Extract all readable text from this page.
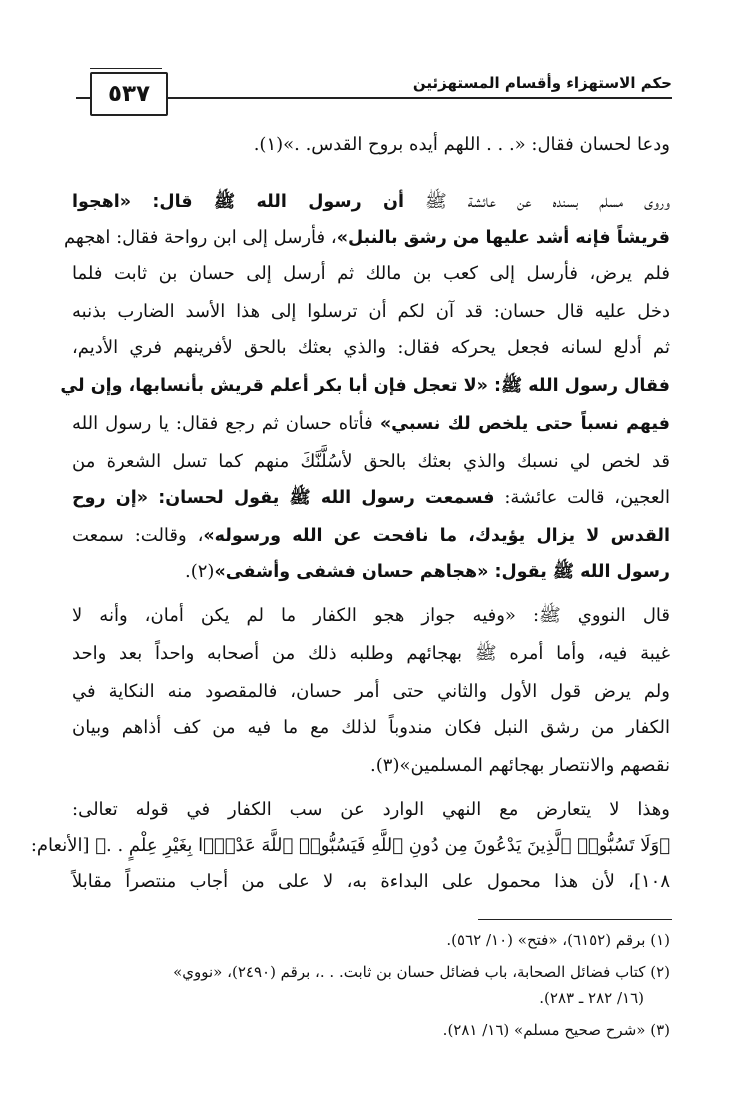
٥٣٧	حكم الاستهزاء وأقسام المستهزئين
ودعا لحسان فقال: «. . . اللهم أيده بروح القدس. .»(١).
وروى مسلم بسنده عن عائشة ﷺ أن رسول الله ﷺ قال: «اهجوا
قريشاً فإنه أشد عليها من رشق بالنبل»، فأرسل إلى ابن رواحة فقال: اهجهم
فلم يرض، فأرسل إلى كعب بن مالك ثم أرسل إلى حسان بن ثابت فلما
دخل عليه قال حسان: قد آن لكم أن ترسلوا إلى هذا الأسد الضارب بذنبه
ثم أدلع لسانه فجعل يحركه فقال: والذي بعثك بالحق لأفرينهم فري الأديم،
فقال رسول الله ﷺ: «لا تعجل فإن أبا بكر أعلم قريش بأنسابها، وإن لي
فيهم نسباً حتى يلخص لك نسبي» فأتاه حسان ثم رجع فقال: يا رسول الله
قد لخص لي نسبك والذي بعثك بالحق لأسُلَّنَّكَ منهم كما تسل الشعرة من
العجين، قالت عائشة: فسمعت رسول الله ﷺ يقول لحسان: «إن روح
القدس لا يزال يؤيدك، ما نافحت عن الله ورسوله»، وقالت: سمعت
رسول الله ﷺ يقول: «هجاهم حسان فشفى وأشفى»(٢).
قال النووي ﷺ: «وفيه جواز هجو الكفار ما لم يكن أمان، وأنه لا
غيبة فيه، وأما أمره ﷺ بهجائهم وطلبه ذلك من أصحابه واحداً بعد واحد
ولم يرض قول الأول والثاني حتى أمر حسان، فالمقصود منه النكاية في
الكفار من رشق النبل فكان مندوباً لذلك مع ما فيه من كف أذاهم وبيان
نقصهم والانتصار بهجائهم المسلمين»(٣).
وهذا لا يتعارض مع النهي الوارد عن سب الكفار في قوله تعالى:
﴿وَلَا تَسُبُّوا۟ ٱلَّذِينَ يَدْعُونَ مِن دُونِ ٱللَّهِ فَيَسُبُّوا۟ ٱللَّهَ عَدْوًۢا بِغَيْرِ عِلْمٍ . .﴾ [الأنعام:
١٠٨]، لأن هذا محمول على البداءة به، لا على من أجاب منتصراً مقابلاً
(١) برقم (٦١٥٢)، «فتح» (١٠/ ٥٦٢).
(٢) كتاب فضائل الصحابة، باب فضائل حسان بن ثابت. . .، برقم (٢٤٩٠)، «نووي»
(١٦/ ٢٨٢ ـ ٢٨٣).
(٣) «شرح صحيح مسلم» (١٦/ ٢٨١).
